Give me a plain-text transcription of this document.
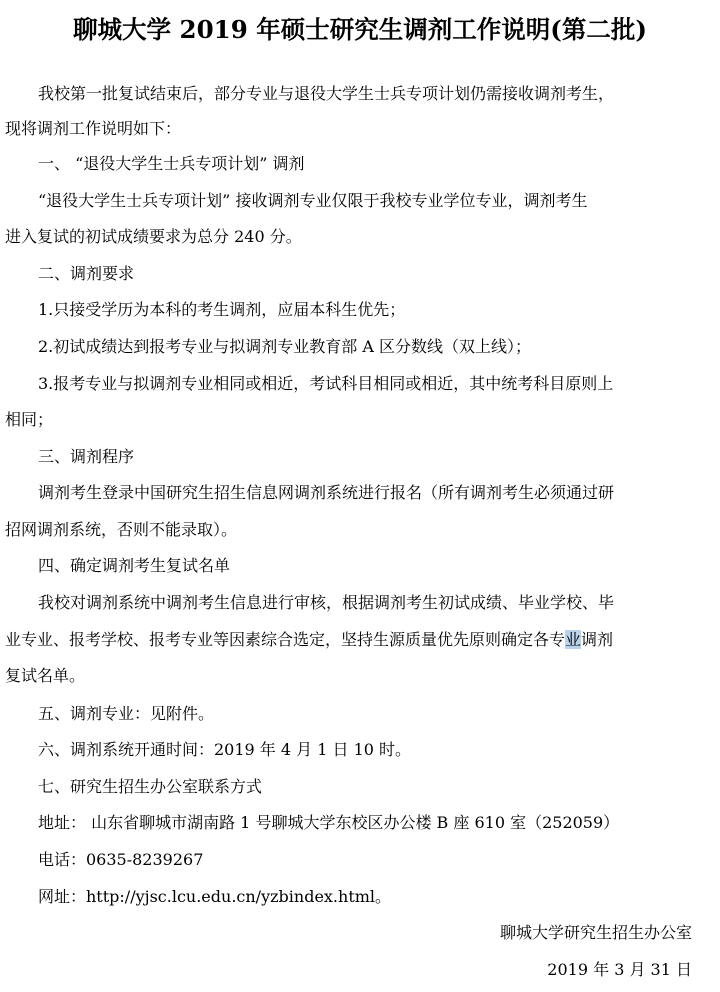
聊城大学 2019 年硕士研究生调剂工作说明(第二批)
我校第一批复试结束后，部分专业与退役大学生士兵专项计划仍需接收调剂考生，
现将调剂工作说明如下：
一、 “退役大学生士兵专项计划” 调剂
“退役大学生士兵专项计划” 接收调剂专业仅限于我校专业学位专业，调剂考生
进入复试的初试成绩要求为总分 240 分。
二、调剂要求
1.只接受学历为本科的考生调剂，应届本科生优先；
2.初试成绩达到报考专业与拟调剂专业教育部 A 区分数线（双上线）；
3.报考专业与拟调剂专业相同或相近，考试科目相同或相近，其中统考科目原则上
相同；
三、调剂程序
调剂考生登录中国研究生招生信息网调剂系统进行报名（所有调剂考生必须通过研
招网调剂系统，否则不能录取）。
四、确定调剂考生复试名单
我校对调剂系统中调剂考生信息进行审核，根据调剂考生初试成绩、毕业学校、毕
业专业、报考学校、报考专业等因素综合选定，坚持生源质量优先原则确定各专业调剂
复试名单。
五、调剂专业：见附件。
六、调剂系统开通时间：2019 年 4 月 1 日 10 时。
七、研究生招生办公室联系方式
地址： 山东省聊城市湖南路 1 号聊城大学东校区办公楼 B 座 610 室（252059）
电话：0635-8239267
网址：http://yjsc.lcu.edu.cn/yzbindex.html。
聊城大学研究生招生办公室
2019 年 3 月 31 日
